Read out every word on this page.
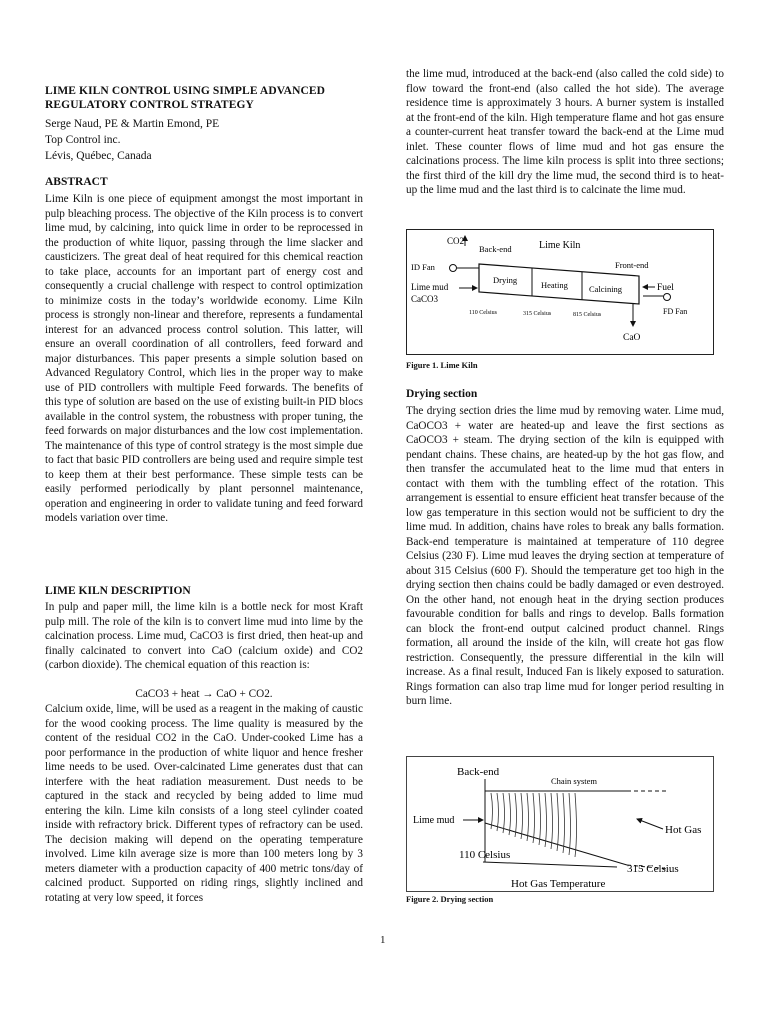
LIME KILN CONTROL USING SIMPLE ADVANCED REGULATORY CONTROL STRATEGY
Serge Naud, PE & Martin Emond, PE
Top Control inc.
Lévis, Québec, Canada
ABSTRACT

Lime Kiln is one piece of equipment amongst the most important in pulp bleaching process. The objective of the Kiln process is to convert lime mud, by calcining, into quick lime in order to be reprocessed in the production of white liquor, passing through the lime slacker and causticizers. The great deal of heat required for this chemical reaction to take place, accounts for an important part of energy cost and consequently a crucial challenge with respect to control optimization to minimize costs in the today’s worldwide economy. Lime Kiln process is strongly non-linear and therefore, represents a fundamental interest for an advanced process control solution. This latter, will ensure an overall coordination of all controllers, feed forward and major disturbances. This paper presents a simple solution based on Advanced Regulatory Control, which lies in the proper way to make use of PID controllers with multiple Feed forwards. The benefits of this type of solution are based on the use of existing built-in PID blocs available in the control system, the robustness with proper tuning, the feed forwards on major disturbances and the low cost implementation. The maintenance of this type of control strategy is the most simple due to fact that basic PID controllers are being used and require simple test to keep them at their best performance. These simple tests can be easily performed periodically by plant personnel maintenance, operation and engineering in order to validate tuning and feed forward models variation over time.

LIME KILN DESCRIPTION

In pulp and paper mill, the lime kiln is a bottle neck for most Kraft pulp mill. The role of the kiln is to convert lime mud into lime by the calcination process. Lime mud, CaCO3 is first dried, then heat-up and finally calcinated to convert into CaO (calcium oxide) and CO2 (carbon dioxide). The chemical equation of this reaction is:

CaCO3 + heat → CaO + CO2.

Calcium oxide, lime, will be used as a reagent in the making of caustic for the wood cooking process. The lime quality is measured by the content of the residual CO2 in the CaO. Under-cooked Lime has a poor performance in the production of white liquor and hence fresher lime needs to be used. Over-calcinated Lime generates dust that can interfere with the heat radiation measurement. Dust needs to be captured in the stack and recycled by being added to lime mud entering the kiln. Lime kiln consists of a long steel cylinder coated inside with refractory brick. Different types of refractory can be used. The decision making will depend on the operating temperature involved. Lime kiln average size is more than 100 meters long by 3 meters diameter with a production capacity of 400 metric tons/day of calcined product. Supported on riding rings, slightly inclined and rotating at very low speed, it forces

the lime mud, introduced at the back-end (also called the cold side) to flow toward the front-end (also called the hot side). The average residence time is approximately 3 hours. A burner system is installed at the front-end of the kiln. High temperature flame and hot gas ensure a counter-current heat transfer toward the back-end at the Lime mud inlet. These counter flows of lime mud and hot gas ensure the calcinations process. The lime kiln process is split into three sections; the first third of the kill dry the lime mud, the second third is to heat-up the lime mud and the last third is to calcinate the lime mud.

CO2
Back-end	Lime Kiln
ID Fan	Front-end
Drying	Heating Calcining
Lime mud
CaCO3
Fuel
110 Celsius	315 Celsius	815 Celsius	FD Fan
CaO
Figure 1. Lime Kiln
Drying section

The drying section dries the lime mud by removing water. Lime mud, CaOCO3 + water are heated-up and leave the first sections as CaOCO3 + steam. The drying section of the kiln is equipped with pendant chains. These chains, are heated-up by the hot gas flow, and then transfer the accumulated heat to the lime mud that enters in contact with them with the tumbling effect of the rotation. This arrangement is essential to ensure efficient heat transfer because of the low gas temperature in this section would not be sufficient to dry the lime mud. In addition, chains have roles to break any balls formation. Back-end temperature is maintained at temperature of 110 degree Celsius (230 F). Lime mud leaves the drying section at temperature of about 315 Celsius (600 F). Should the temperature get too high in the drying section then chains could be badly damaged or even destroyed. On the other hand, not enough heat in the drying section produces favourable condition for balls and rings to develop. Balls formation can block the front-end output calcined product channel. Rings formation, all around the inside of the kiln, will create hot gas flow restriction. Consequently, the pressure differential in the kiln will increase. As a final result, Induced Fan is likely exposed to saturation. Rings formation can also trap lime mud for longer period resulting in burn lime.

Back-end
Chain system
Lime mud
Hot Gas
110 Celsius
315 Celsius
Hot Gas Temperature
Figure 2. Drying section
1
